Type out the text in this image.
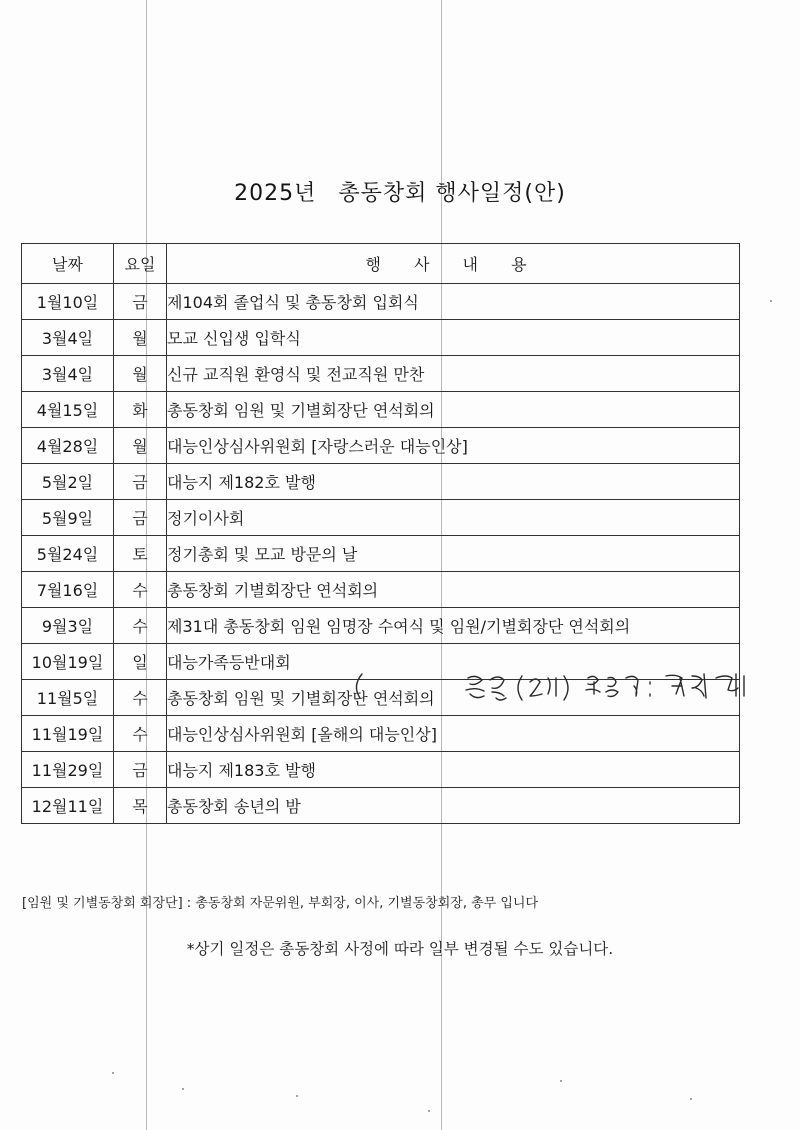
2025년 총동창회 행사일정(안)
날짜	요일	행 사 내 용
1월10일	금	제104회 졸업식 및 총동창회 입회식
3월4일	월	모교 신입생 입학식
3월4일	월	신규 교직원 환영식 및 전교직원 만찬
4월15일	화	총동창회 임원 및 기별회장단 연석회의
4월28일	월	대능인상심사위원회 [자랑스러운 대능인상]
5월2일	금	대능지 제182호 발행
5월9일	금	정기이사회
5월24일	토	정기총회 및 모교 방문의 날
7월16일	수	총동창회 기별회장단 연석회의
9월3일	수	제31대 총동창회 임원 임명장 수여식 및 임원/기별회장단 연석회의
10월19일	일	대능가족등반대회
11월5일	수	총동창회 임원 및 기별회장단 연석회의
11월19일	수	대능인상심사위원회 [올해의 대능인상]
11월29일	금	대능지 제183호 발행
12월11일	목	총동창회 송년의 밤
[임원 및 기별동창회 회장단] : 총동창회 자문위원, 부회장, 이사, 기별동창회장, 총무 입니다
*상기 일정은 총동창회 사정에 따라 일부 변경될 수도 있습니다.
